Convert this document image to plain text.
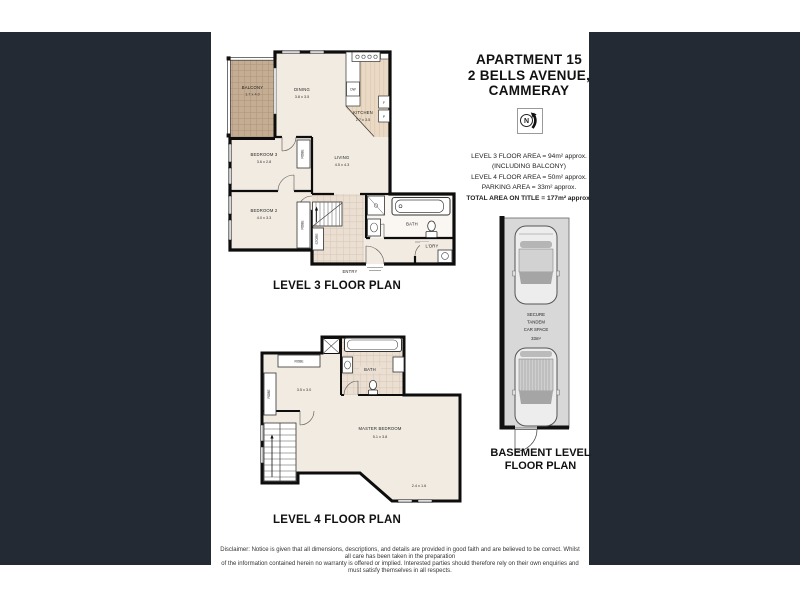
APARTMENT 15
2 BELLS AVENUE,
CAMMERAY
N
LEVEL 3 FLOOR AREA = 94m² approx.
(INCLUDING BALCONY)
LEVEL 4 FLOOR AREA = 50m² approx.
PARKING AREA = 33m² approx.
TOTAL AREA ON TITLE = 177m² approx.
DW
F
P
ROBE
ROBE
STORE
BATH
L'DRY
BALCONY
1.7 x 4.0
DINING
3.8 x 3.5
KITCHEN
2.7 x 3.5
BEDROOM 3
3.6 x 2.8
LIVING
4.5 x 4.3
BEDROOM 2
4.0 x 3.3
ENTRY
LEVEL 3 FLOOR PLAN
ROBE
ROBE
BATH
3.5 x 3.0
MASTER BEDROOM
5.1 x 3.8
2.4 x 1.6
LEVEL 4 FLOOR PLAN
SECURE
TANDEM
CAR SPACE
33m²
BASEMENT LEVEL
FLOOR PLAN
Disclaimer: Notice is given that all dimensions, descriptions, and details are provided in good faith and are believed to be correct. Whilst all care has been taken in the preparation
of the information contained herein no warranty is offered or implied. Interested parties should therefore rely on their own enquiries and must satisfy themselves in all respects.
